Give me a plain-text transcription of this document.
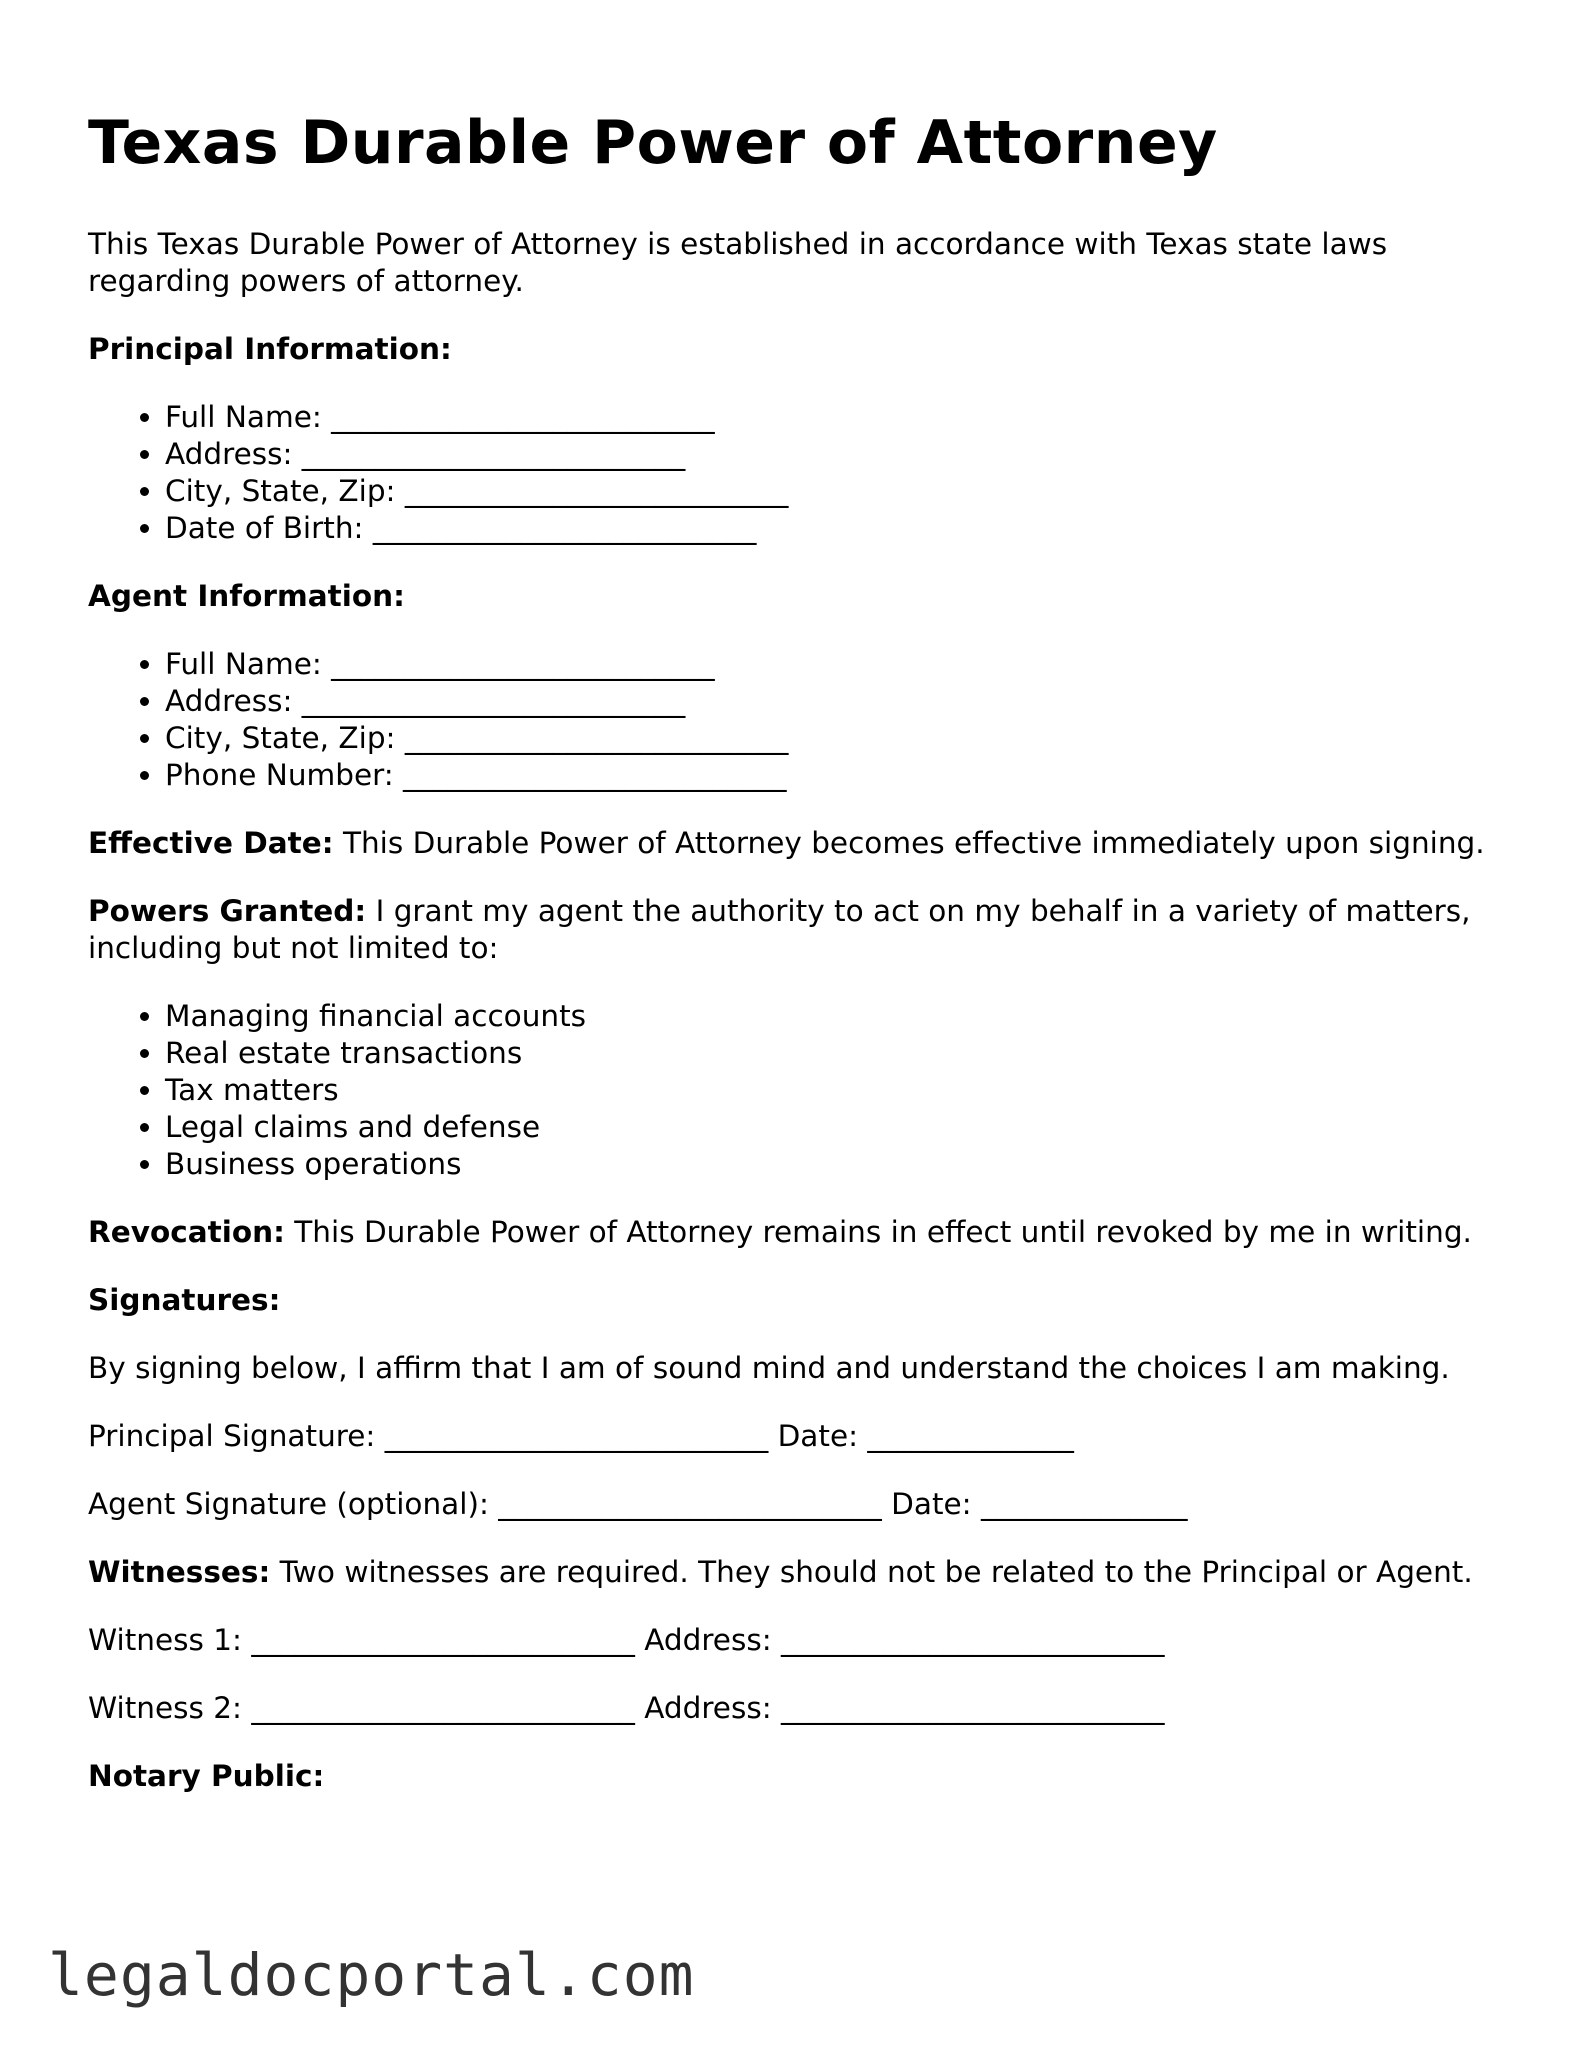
Texas Durable Power of Attorney

This Texas Durable Power of Attorney is established in accordance with Texas state laws regarding powers of attorney.

Principal Information:

• Full Name: __________________________
• Address: __________________________
• City, State, Zip: __________________________
• Date of Birth: __________________________

Agent Information:

• Full Name: __________________________
• Address: __________________________
• City, State, Zip: __________________________
• Phone Number: __________________________

Effective Date: This Durable Power of Attorney becomes effective immediately upon signing.

Powers Granted: I grant my agent the authority to act on my behalf in a variety of matters, including but not limited to:

• Managing financial accounts
• Real estate transactions
• Tax matters
• Legal claims and defense
• Business operations

Revocation: This Durable Power of Attorney remains in effect until revoked by me in writing.

Signatures:

By signing below, I affirm that I am of sound mind and understand the choices I am making.

Principal Signature: __________________________ Date: ______________

Agent Signature (optional): __________________________ Date: ______________

Witnesses: Two witnesses are required. They should not be related to the Principal or Agent.

Witness 1: __________________________ Address: __________________________

Witness 2: __________________________ Address: __________________________

Notary Public:

legaldocportal.com
